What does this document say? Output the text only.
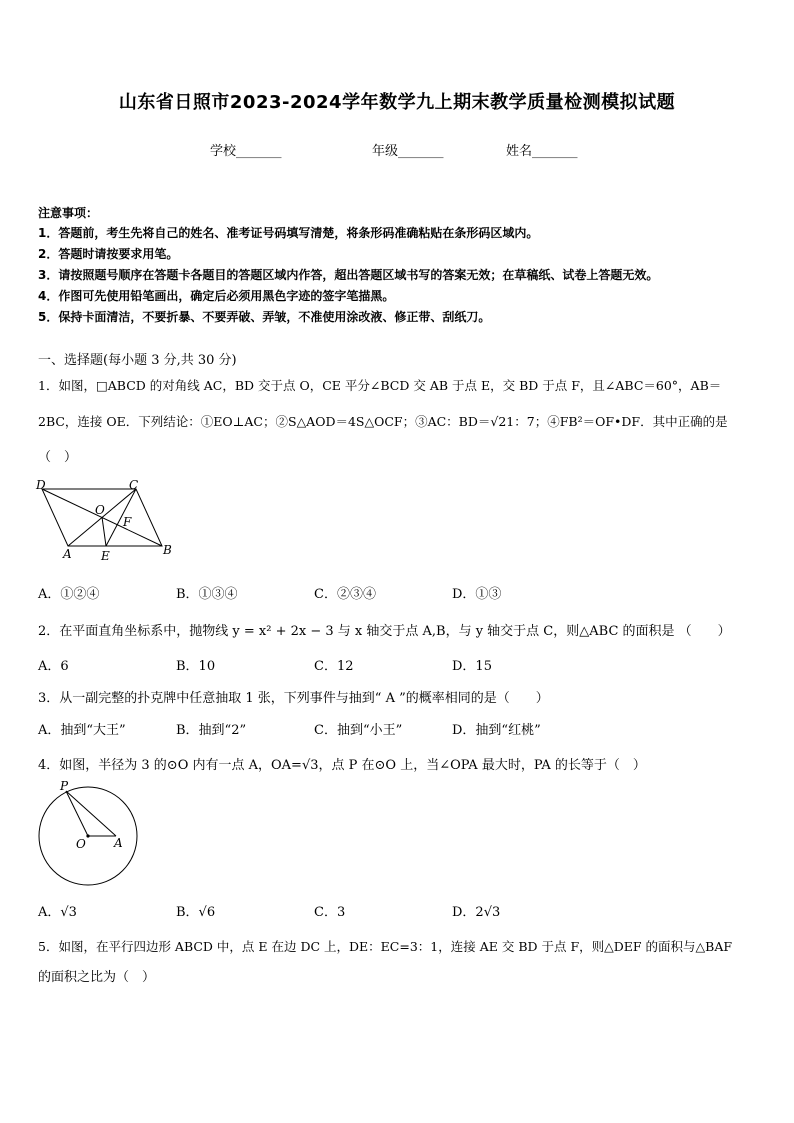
山东省日照市2023-2024学年数学九上期末教学质量检测模拟试题
学校_______	年级_______	姓名_______
注意事项：
1．答题前，考生先将自己的姓名、准考证号码填写清楚，将条形码准确粘贴在条形码区域内。
2．答题时请按要求用笔。
3．请按照题号顺序在答题卡各题目的答题区域内作答，超出答题区域书写的答案无效；在草稿纸、试卷上答题无效。
4．作图可先使用铅笔画出，确定后必须用黑色字迹的签字笔描黑。
5．保持卡面清洁，不要折暴、不要弄破、弄皱，不准使用涂改液、修正带、刮纸刀。
一、选择题(每小题 3 分,共 30 分)
1．如图，□ABCD 的对角线 AC，BD 交于点 O，CE 平分∠BCD 交 AB 于点 E，交 BD 于点 F，且∠ABC＝60°，AB＝
2BC，连接 OE．下列结论：①EO⊥AC；②S△AOD＝4S△OCF；③AC：BD＝√21：7；④FB²＝OF•DF．其中正确的是
（　）
D	C
O
F
A E	B
A．①②④	B．①③④	C．②③④	D．①③
2．在平面直角坐标系中，抛物线 y = x² + 2x − 3 与 x 轴交于点 A,B，与 y 轴交于点 C，则△ABC 的面积是 （　　）
A．6	B．10	C．12	D．15
3．从一副完整的扑克牌中任意抽取 1 张，下列事件与抽到“ A ”的概率相同的是（　　）
A．抽到“大王”	B．抽到“2”	C．抽到“小王”	D．抽到“红桃”
4．如图，半径为 3 的⊙O 内有一点 A，OA=√3，点 P 在⊙O 上，当∠OPA 最大时，PA 的长等于（　）
P
O A
A．√3	B．√6	C．3	D．2√3
5．如图，在平行四边形 ABCD 中，点 E 在边 DC 上，DE：EC=3：1，连接 AE 交 BD 于点 F，则△DEF 的面积与△BAF
的面积之比为（　）
